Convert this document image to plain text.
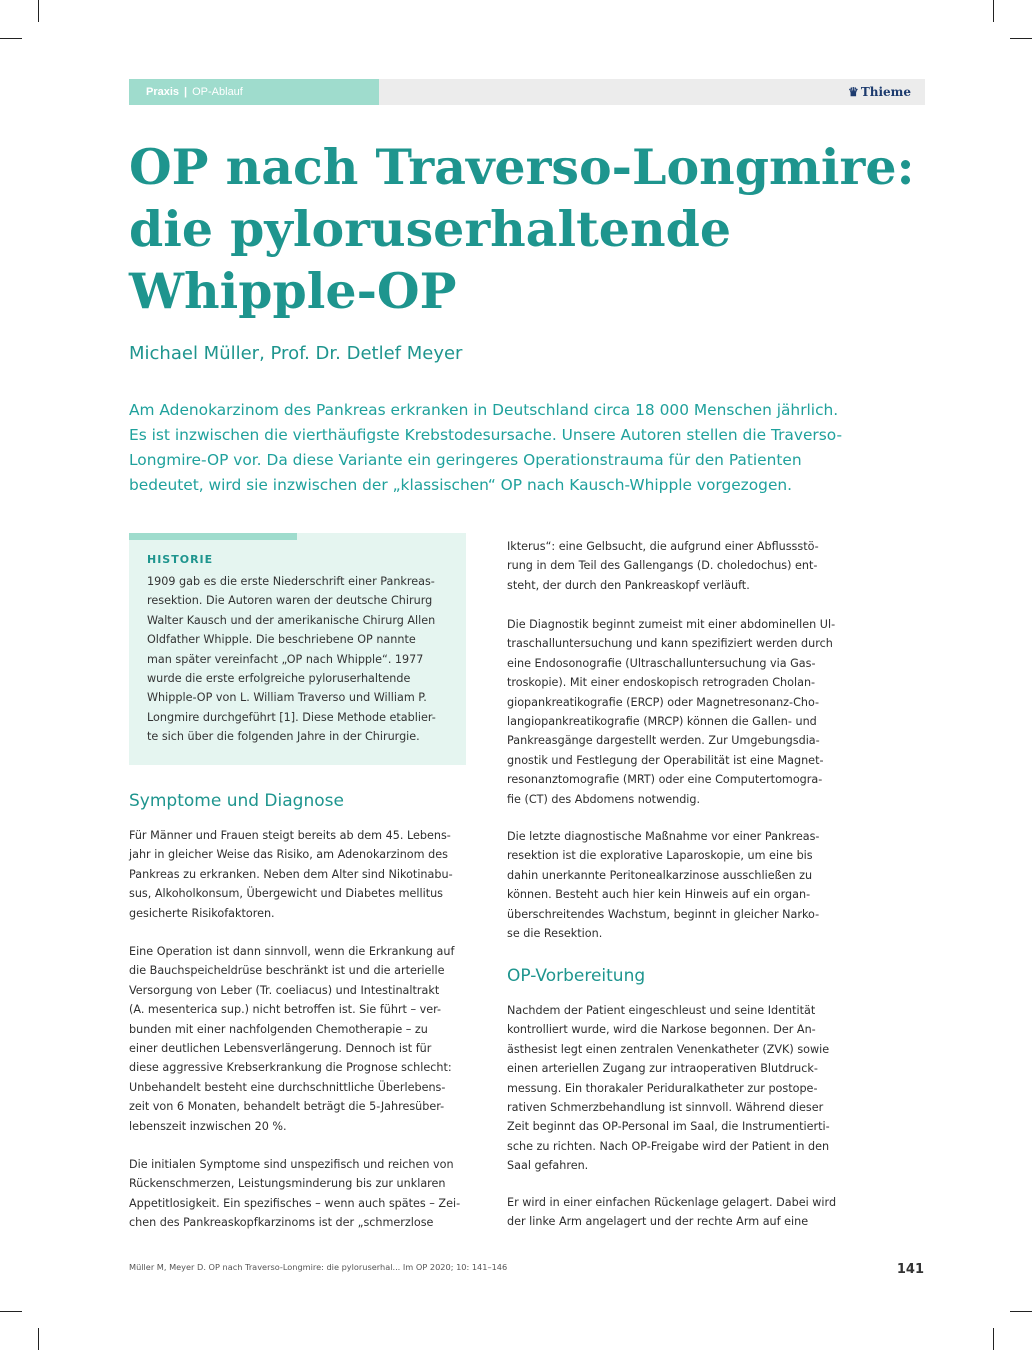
Praxis | OP-Ablauf	♛ Thieme
OP nach Traverso-Longmire:
die pyloruserhaltende
Whipple-OP

Michael Müller, Prof. Dr. Detlef Meyer

Am Adenokarzinom des Pankreas erkranken in Deutschland circa 18 000 Menschen jährlich.
Es ist inzwischen die vierthäufigste Krebstodesursache. Unsere Autoren stellen die Traverso-
Longmire-OP vor. Da diese Variante ein geringeres Operationstrauma für den Patienten
bedeutet, wird sie inzwischen der „klassischen“ OP nach Kausch-Whipple vorgezogen.

HISTORIE
1909 gab es die erste Niederschrift einer Pankreas-
resektion. Die Autoren waren der deutsche Chirurg
Walter Kausch und der amerikanische Chirurg Allen
Oldfather Whipple. Die beschriebene OP nannte
man später vereinfacht „OP nach Whipple“. 1977
wurde die erste erfolgreiche pyloruserhaltende
Whipple-OP von L. William Traverso und William P.
Longmire durchgeführt [1]. Diese Methode etablier-
te sich über die folgenden Jahre in der Chirurgie.
Symptome und Diagnose
Für Männer und Frauen steigt bereits ab dem 45. Lebens-
jahr in gleicher Weise das Risiko, am Adenokarzinom des
Pankreas zu erkranken. Neben dem Alter sind Nikotinabu-
sus, Alkoholkonsum, Übergewicht und Diabetes mellitus
gesicherte Risikofaktoren.
Eine Operation ist dann sinnvoll, wenn die Erkrankung auf
die Bauchspeicheldrüse beschränkt ist und die arterielle
Versorgung von Leber (Tr. coeliacus) und Intestinaltrakt
(A. mesenterica sup.) nicht betroffen ist. Sie führt – ver-
bunden mit einer nachfolgenden Chemotherapie – zu
einer deutlichen Lebensverlängerung. Dennoch ist für
diese aggressive Krebserkrankung die Prognose schlecht:
Unbehandelt besteht eine durchschnittliche Überlebens-
zeit von 6 Monaten, behandelt beträgt die 5-Jahresüber-
lebenszeit inzwischen 20 %.
Die initialen Symptome sind unspezifisch und reichen von
Rückenschmerzen, Leistungsminderung bis zur unklaren
Appetitlosigkeit. Ein spezifisches – wenn auch spätes – Zei-
chen des Pankreaskopfkarzinoms ist der „schmerzlose
Ikterus“: eine Gelbsucht, die aufgrund einer Abflussstö-
rung in dem Teil des Gallengangs (D. choledochus) ent-
steht, der durch den Pankreaskopf verläuft.
Die Diagnostik beginnt zumeist mit einer abdominellen Ul-
traschalluntersuchung und kann spezifiziert werden durch
eine Endosonografie (Ultraschalluntersuchung via Gas-
troskopie). Mit einer endoskopisch retrograden Cholan-
giopankreatikografie (ERCP) oder Magnetresonanz-Cho-
langiopankreatikografie (MRCP) können die Gallen- und
Pankreasgänge dargestellt werden. Zur Umgebungsdia-
gnostik und Festlegung der Operabilität ist eine Magnet-
resonanztomografie (MRT) oder eine Computertomogra-
fie (CT) des Abdomens notwendig.
Die letzte diagnostische Maßnahme vor einer Pankreas-
resektion ist die explorative Laparoskopie, um eine bis
dahin unerkannte Peritonealkarzinose ausschließen zu
können. Besteht auch hier kein Hinweis auf ein organ-
überschreitendes Wachstum, beginnt in gleicher Narko-
se die Resektion.
OP-Vorbereitung
Nachdem der Patient eingeschleust und seine Identität
kontrolliert wurde, wird die Narkose begonnen. Der An-
ästhesist legt einen zentralen Venenkatheter (ZVK) sowie
einen arteriellen Zugang zur intraoperativen Blutdruck-
messung. Ein thorakaler Periduralkatheter zur postope-
rativen Schmerzbehandlung ist sinnvoll. Während dieser
Zeit beginnt das OP-Personal im Saal, die Instrumentierti-
sche zu richten. Nach OP-Freigabe wird der Patient in den
Saal gefahren.
Er wird in einer einfachen Rückenlage gelagert. Dabei wird
der linke Arm angelagert und der rechte Arm auf eine
Müller M, Meyer D. OP nach Traverso-Longmire: die pyloruserhal... Im OP 2020; 10: 141–146	141
